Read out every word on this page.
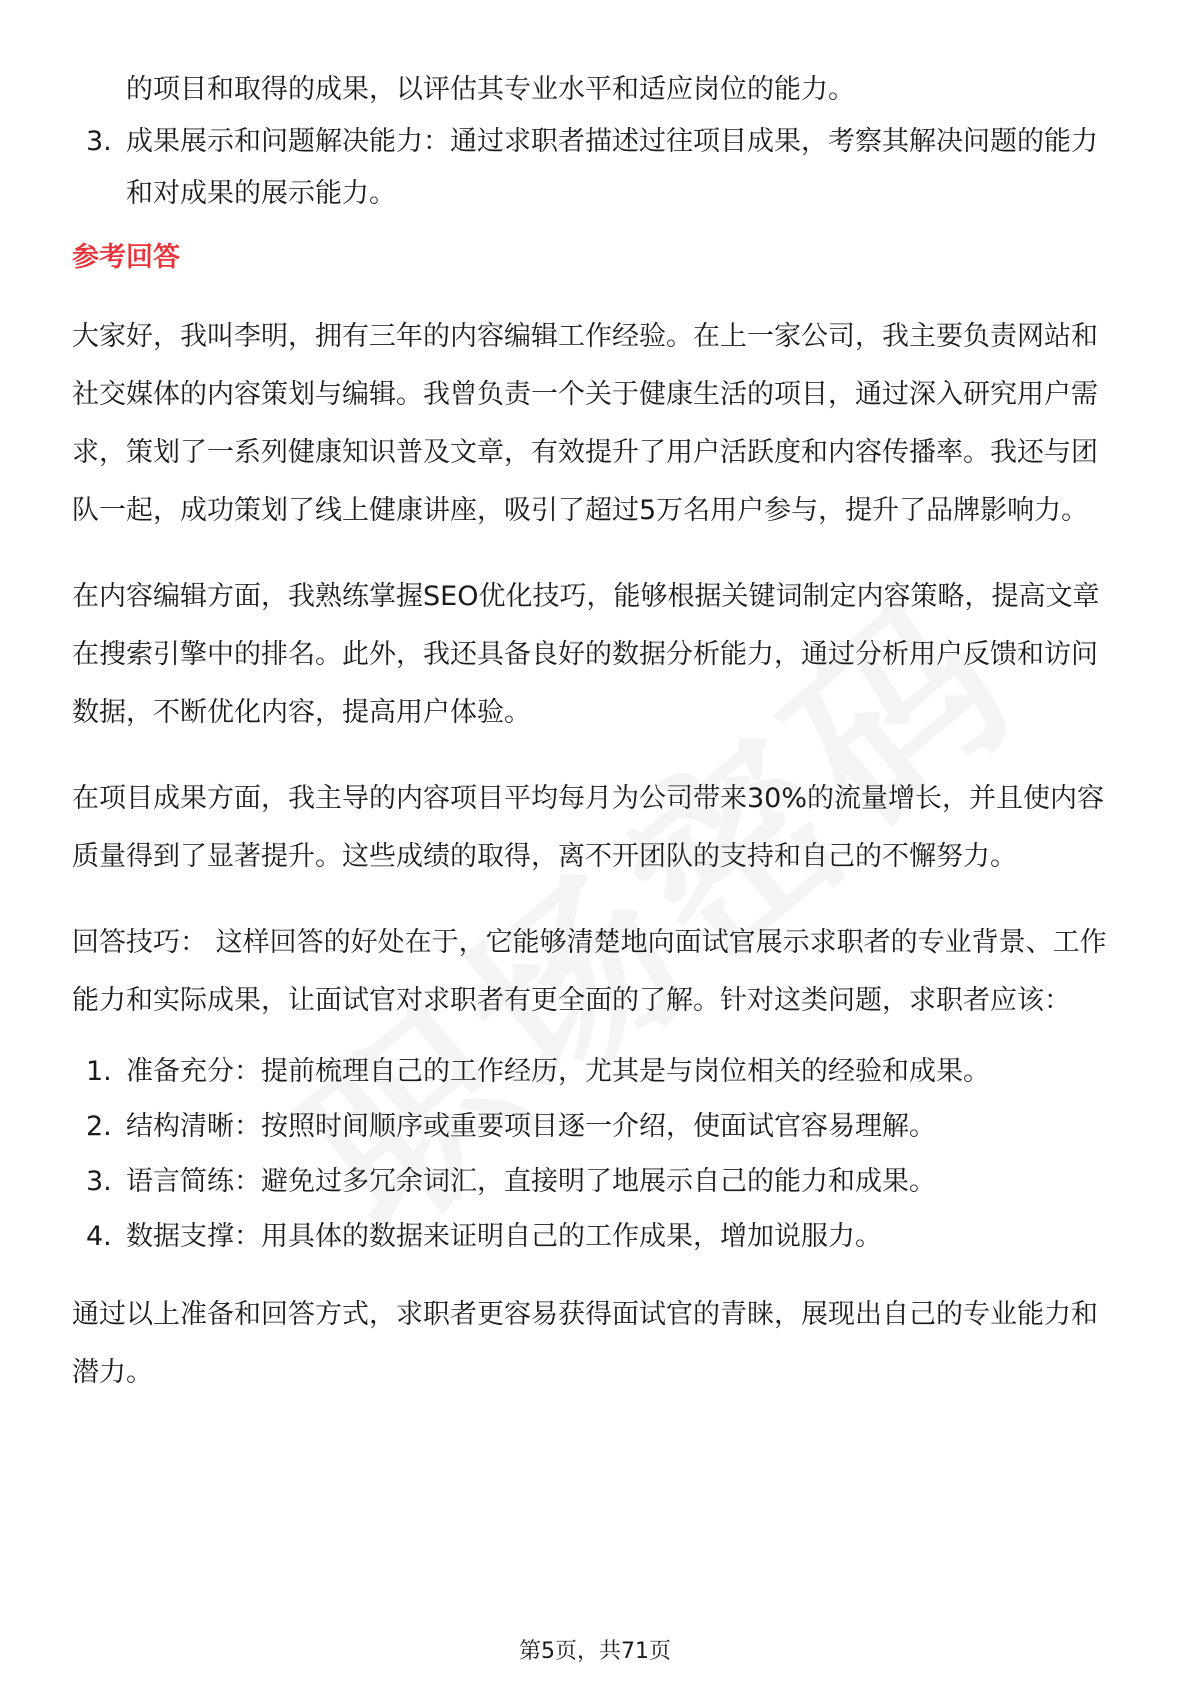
的项目和取得的成果，以评估其专业水平和适应岗位的能力。
3. 成果展示和问题解决能力：通过求职者描述过往项目成果，考察其解决问题的能力和对成果的展示能力。
参考回答

大家好，我叫李明，拥有三年的内容编辑工作经验。在上一家公司，我主要负责网站和社交媒体的内容策划与编辑。我曾负责一个关于健康生活的项目，通过深入研究用户需求，策划了一系列健康知识普及文章，有效提升了用户活跃度和内容传播率。我还与团队一起，成功策划了线上健康讲座，吸引了超过5万名用户参与，提升了品牌影响力。

在内容编辑方面，我熟练掌握SEO优化技巧，能够根据关键词制定内容策略，提高文章在搜索引擎中的排名。此外，我还具备良好的数据分析能力，通过分析用户反馈和访问数据，不断优化内容，提高用户体验。

在项目成果方面，我主导的内容项目平均每月为公司带来30%的流量增长，并且使内容质量得到了显著提升。这些成绩的取得，离不开团队的支持和自己的不懈努力。

回答技巧： 这样回答的好处在于，它能够清楚地向面试官展示求职者的专业背景、工作能力和实际成果，让面试官对求职者有更全面的了解。针对这类问题，求职者应该：

1. 准备充分：提前梳理自己的工作经历，尤其是与岗位相关的经验和成果。
2. 结构清晰：按照时间顺序或重要项目逐一介绍，使面试官容易理解。
3. 语言简练：避免过多冗余词汇，直接明了地展示自己的能力和成果。
4. 数据支撑：用具体的数据来证明自己的工作成果，增加说服力。

通过以上准备和回答方式，求职者更容易获得面试官的青睐，展现出自己的专业能力和潜力。

第5页，共71页
